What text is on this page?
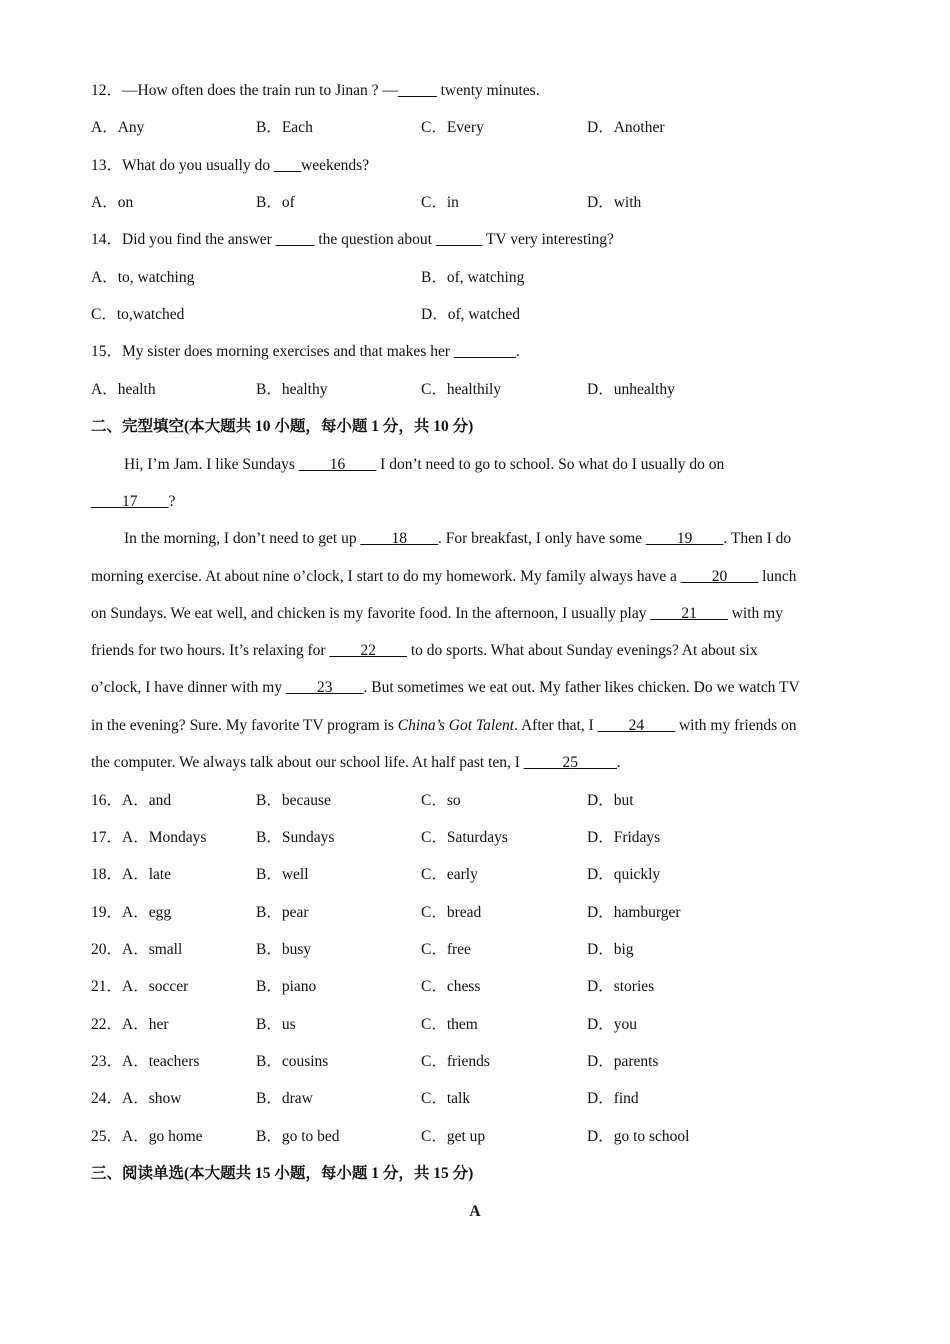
12．—How often does the train run to Jinan ? —_____ twenty minutes.
A．Any	B．Each	C．Every	D．Another
13．What do you usually do        weekends?
A．on	B．of	C．in	D．with
14．Did you find the answer _____ the question about ______ TV very interesting?
A．to, watching	B．of, watching
C．to,watched	D．of, watched
15．My sister does morning exercises and that makes her ________.
A．health	B．healthy	C．healthily	D．unhealthy
二、完型填空(本大题共 10 小题，每小题 1 分，共 10 分)
Hi, I’m Jam. I like Sundays ____16____ I don’t need to go to school. So what do I usually do on
____17____?
In the morning, I don’t need to get up ____18____. For breakfast, I only have some ____19____. Then I do
morning exercise. At about nine o’clock, I start to do my homework. My family always have a ____20____ lunch
on Sundays. We eat well, and chicken is my favorite food. In the afternoon, I usually play ____21____ with my
friends for two hours. It’s relaxing for ____22____ to do sports. What about Sunday evenings? At about six
o’clock, I have dinner with my ____23____. But sometimes we eat out. My father likes chicken. Do we watch TV
in the evening? Sure. My favorite TV program is China’s Got Talent. After that, I ____24____ with my friends on
the computer. We always talk about our school life. At half past ten, I _____25_____.
16．A．and	B．because	C．so	D．but
17．A．Mondays	B．Sundays	C．Saturdays	D．Fridays
18．A．late	B．well	C．early	D．quickly
19．A．egg	B．pear	C．bread	D．hamburger
20．A．small	B．busy	C．free	D．big
21．A．soccer	B．piano	C．chess	D．stories
22．A．her	B．us	C．them	D．you
23．A．teachers	B．cousins	C．friends	D．parents
24．A．show	B．draw	C．talk	D．find
25．A．go home	B．go to bed	C．get up	D．go to school
三、阅读单选(本大题共 15 小题，每小题 1 分，共 15 分)
A
